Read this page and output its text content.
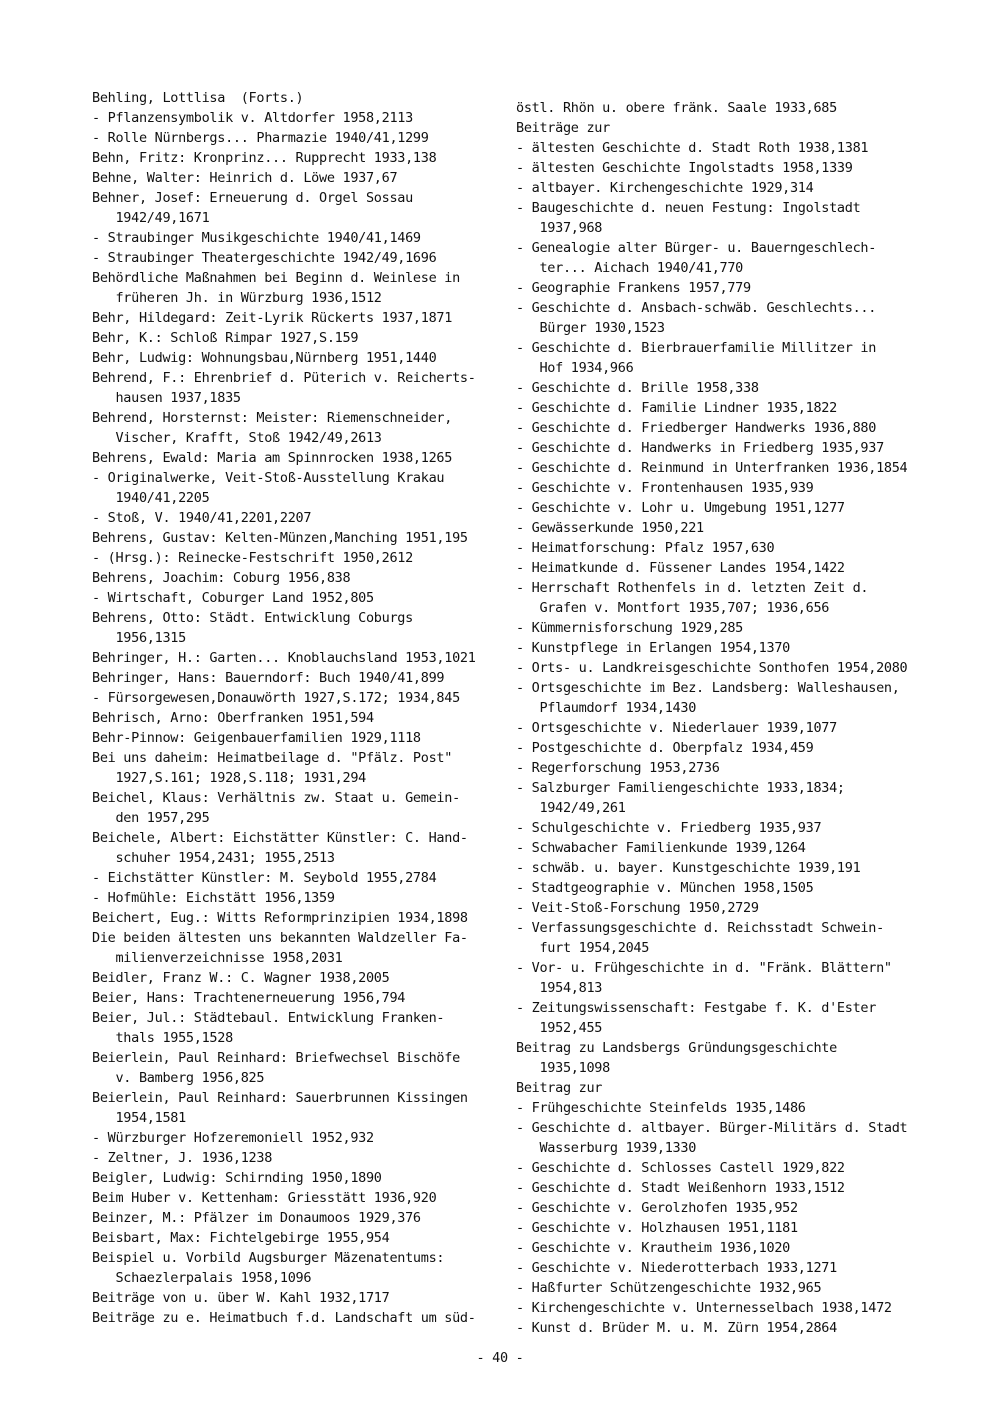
Behling, Lottlisa  (Forts.)
- Pflanzensymbolik v. Altdorfer 1958,2113
- Rolle Nürnbergs... Pharmazie 1940/41,1299
Behn, Fritz: Kronprinz... Rupprecht 1933,138
Behne, Walter: Heinrich d. Löwe 1937,67
Behner, Josef: Erneuerung d. Orgel Sossau
1942/49,1671
- Straubinger Musikgeschichte 1940/41,1469
- Straubinger Theatergeschichte 1942/49,1696
Behördliche Maßnahmen bei Beginn d. Weinlese in
früheren Jh. in Würzburg 1936,1512
Behr, Hildegard: Zeit-Lyrik Rückerts 1937,1871
Behr, K.: Schloß Rimpar 1927,S.159
Behr, Ludwig: Wohnungsbau,Nürnberg 1951,1440
Behrend, F.: Ehrenbrief d. Püterich v. Reicherts-
hausen 1937,1835
Behrend, Horsternst: Meister: Riemenschneider,
Vischer, Krafft, Stoß 1942/49,2613
Behrens, Ewald: Maria am Spinnrocken 1938,1265
- Originalwerke, Veit-Stoß-Ausstellung Krakau
1940/41,2205
- Stoß, V. 1940/41,2201,2207
Behrens, Gustav: Kelten-Münzen,Manching 1951,195
- (Hrsg.): Reinecke-Festschrift 1950,2612
Behrens, Joachim: Coburg 1956,838
- Wirtschaft, Coburger Land 1952,805
Behrens, Otto: Städt. Entwicklung Coburgs
1956,1315
Behringer, H.: Garten... Knoblauchsland 1953,1021
Behringer, Hans: Bauerndorf: Buch 1940/41,899
- Fürsorgewesen,Donauwörth 1927,S.172; 1934,845
Behrisch, Arno: Oberfranken 1951,594
Behr-Pinnow: Geigenbauerfamilien 1929,1118
Bei uns daheim: Heimatbeilage d. "Pfälz. Post"
1927,S.161; 1928,S.118; 1931,294
Beichel, Klaus: Verhältnis zw. Staat u. Gemein-
den 1957,295
Beichele, Albert: Eichstätter Künstler: C. Hand-
schuher 1954,2431; 1955,2513
- Eichstätter Künstler: M. Seybold 1955,2784
- Hofmühle: Eichstätt 1956,1359
Beichert, Eug.: Witts Reformprinzipien 1934,1898
Die beiden ältesten uns bekannten Waldzeller Fa-
milienverzeichnisse 1958,2031
Beidler, Franz W.: C. Wagner 1938,2005
Beier, Hans: Trachtenerneuerung 1956,794
Beier, Jul.: Städtebaul. Entwicklung Franken-
thals 1955,1528
Beierlein, Paul Reinhard: Briefwechsel Bischöfe
v. Bamberg 1956,825
Beierlein, Paul Reinhard: Sauerbrunnen Kissingen
1954,1581
- Würzburger Hofzeremoniell 1952,932
- Zeltner, J. 1936,1238
Beigler, Ludwig: Schirnding 1950,1890
Beim Huber v. Kettenham: Griesstätt 1936,920
Beinzer, M.: Pfälzer im Donaumoos 1929,376
Beisbart, Max: Fichtelgebirge 1955,954
Beispiel u. Vorbild Augsburger Mäzenatentums:
Schaezlerpalais 1958,1096
Beiträge von u. über W. Kahl 1932,1717
Beiträge zu e. Heimatbuch f.d. Landschaft um süd-
östl. Rhön u. obere fränk. Saale 1933,685
Beiträge zur
- ältesten Geschichte d. Stadt Roth 1938,1381
- ältesten Geschichte Ingolstadts 1958,1339
- altbayer. Kirchengeschichte 1929,314
- Baugeschichte d. neuen Festung: Ingolstadt
1937,968
- Genealogie alter Bürger- u. Bauerngeschlech-
ter... Aichach 1940/41,770
- Geographie Frankens 1957,779
- Geschichte d. Ansbach-schwäb. Geschlechts...
Bürger 1930,1523
- Geschichte d. Bierbrauerfamilie Millitzer in
Hof 1934,966
- Geschichte d. Brille 1958,338
- Geschichte d. Familie Lindner 1935,1822
- Geschichte d. Friedberger Handwerks 1936,880
- Geschichte d. Handwerks in Friedberg 1935,937
- Geschichte d. Reinmund in Unterfranken 1936,1854
- Geschichte v. Frontenhausen 1935,939
- Geschichte v. Lohr u. Umgebung 1951,1277
- Gewässerkunde 1950,221
- Heimatforschung: Pfalz 1957,630
- Heimatkunde d. Füssener Landes 1954,1422
- Herrschaft Rothenfels in d. letzten Zeit d.
Grafen v. Montfort 1935,707; 1936,656
- Kümmernisforschung 1929,285
- Kunstpflege in Erlangen 1954,1370
- Orts- u. Landkreisgeschichte Sonthofen 1954,2080
- Ortsgeschichte im Bez. Landsberg: Walleshausen,
Pflaumdorf 1934,1430
- Ortsgeschichte v. Niederlauer 1939,1077
- Postgeschichte d. Oberpfalz 1934,459
- Regerforschung 1953,2736
- Salzburger Familiengeschichte 1933,1834;
1942/49,261
- Schulgeschichte v. Friedberg 1935,937
- Schwabacher Familienkunde 1939,1264
- schwäb. u. bayer. Kunstgeschichte 1939,191
- Stadtgeographie v. München 1958,1505
- Veit-Stoß-Forschung 1950,2729
- Verfassungsgeschichte d. Reichsstadt Schwein-
furt 1954,2045
- Vor- u. Frühgeschichte in d. "Fränk. Blättern"
1954,813
- Zeitungswissenschaft: Festgabe f. K. d'Ester
1952,455
Beitrag zu Landsbergs Gründungsgeschichte
1935,1098
Beitrag zur
- Frühgeschichte Steinfelds 1935,1486
- Geschichte d. altbayer. Bürger-Militärs d. Stadt
Wasserburg 1939,1330
- Geschichte d. Schlosses Castell 1929,822
- Geschichte d. Stadt Weißenhorn 1933,1512
- Geschichte v. Gerolzhofen 1935,952
- Geschichte v. Holzhausen 1951,1181
- Geschichte v. Krautheim 1936,1020
- Geschichte v. Niederotterbach 1933,1271
- Haßfurter Schützengeschichte 1932,965
- Kirchengeschichte v. Unternesselbach 1938,1472
- Kunst d. Brüder M. u. M. Zürn 1954,2864
- 40 -
